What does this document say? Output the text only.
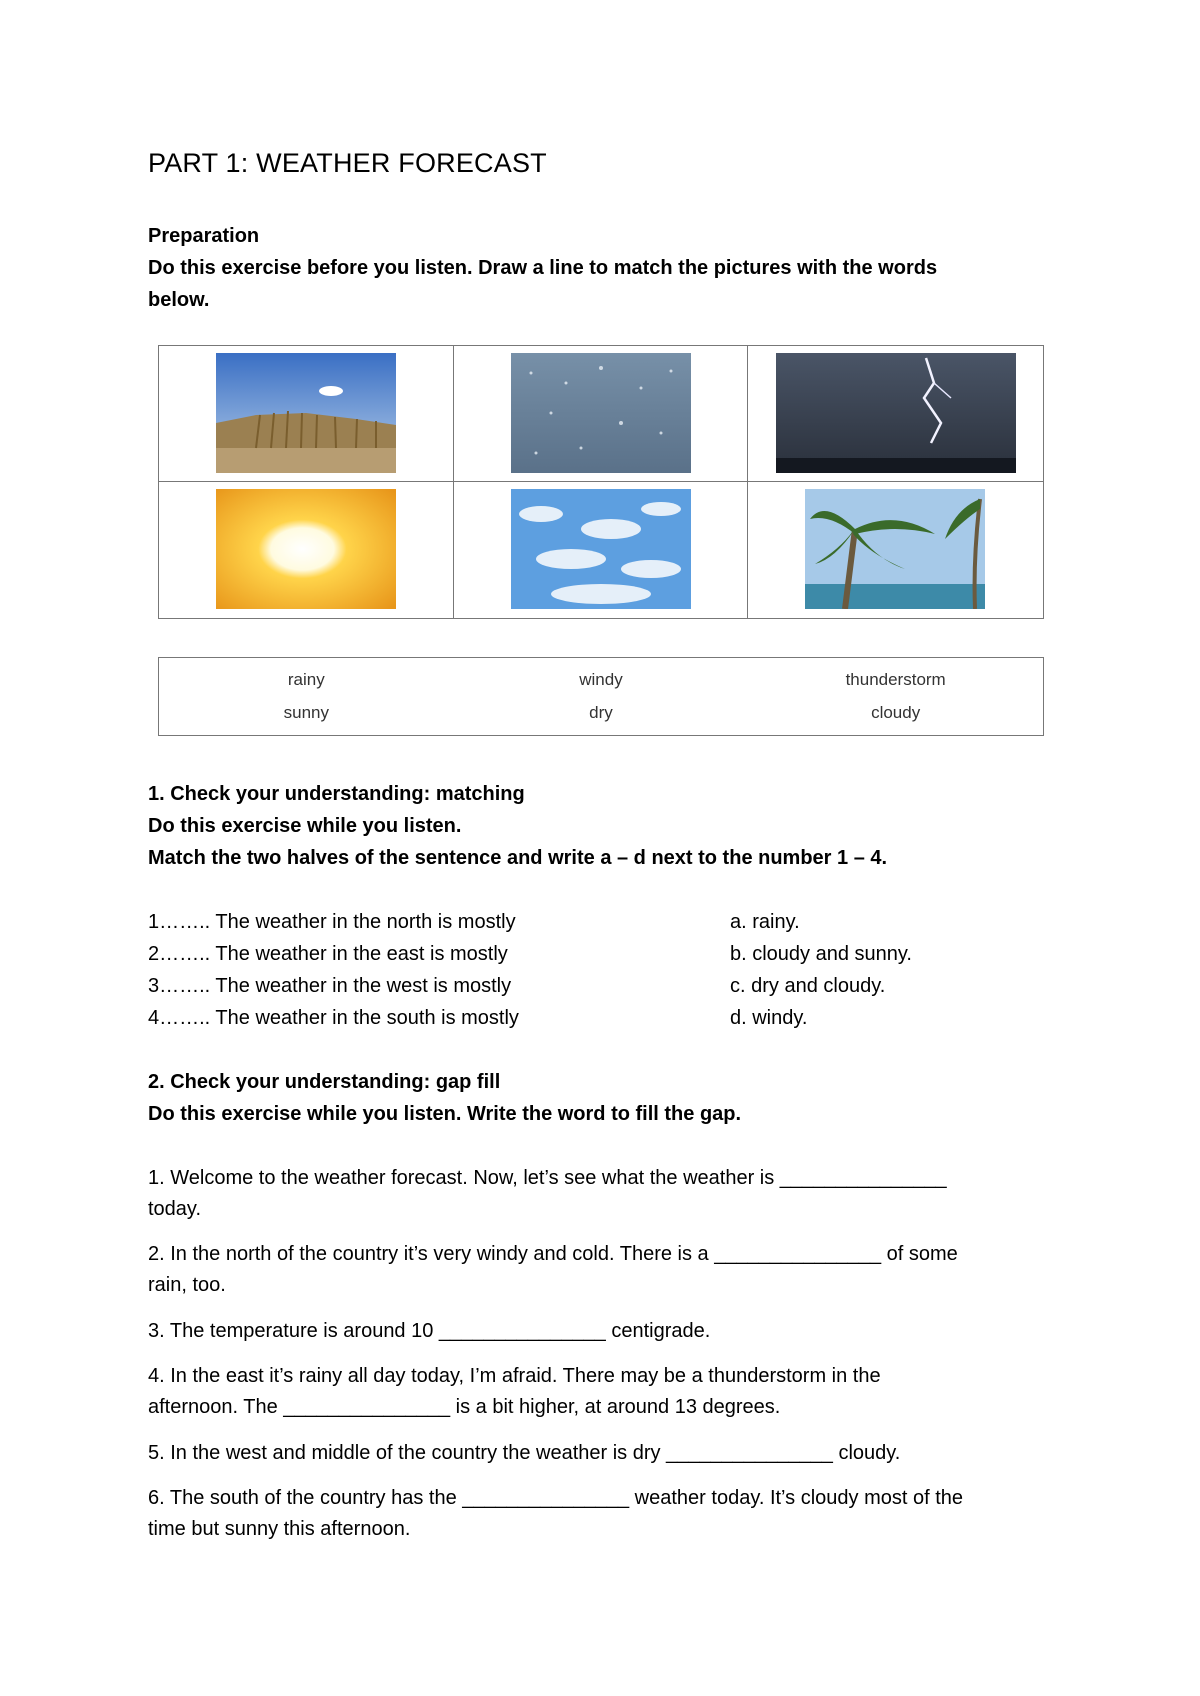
PART 1: WEATHER FORECAST
Preparation
Do this exercise before you listen. Draw a line to match the pictures with the words
below.
rainy	windy	thunderstorm
sunny	dry	cloudy
1. Check your understanding: matching
Do this exercise while you listen.
Match the two halves of the sentence and write a – d next to the number 1 – 4.
1…….. The weather in the north is mostly
2…….. The weather in the east is mostly
3…….. The weather in the west is mostly
4…….. The weather in the south is mostly
a. rainy.
b. cloudy and sunny.
c. dry and cloudy.
d. windy.
2. Check your understanding: gap fill
Do this exercise while you listen. Write the word to fill the gap.
1. Welcome to the weather forecast. Now, let’s see what the weather is _______________
today.
2. In the north of the country it’s very windy and cold. There is a _______________ of some
rain, too.
3. The temperature is around 10 _______________ centigrade.
4. In the east it’s rainy all day today, I’m afraid. There may be a thunderstorm in the
afternoon. The _______________ is a bit higher, at around 13 degrees.
5. In the west and middle of the country the weather is dry _______________ cloudy.
6. The south of the country has the _______________ weather today. It’s cloudy most of the
time but sunny this afternoon.
